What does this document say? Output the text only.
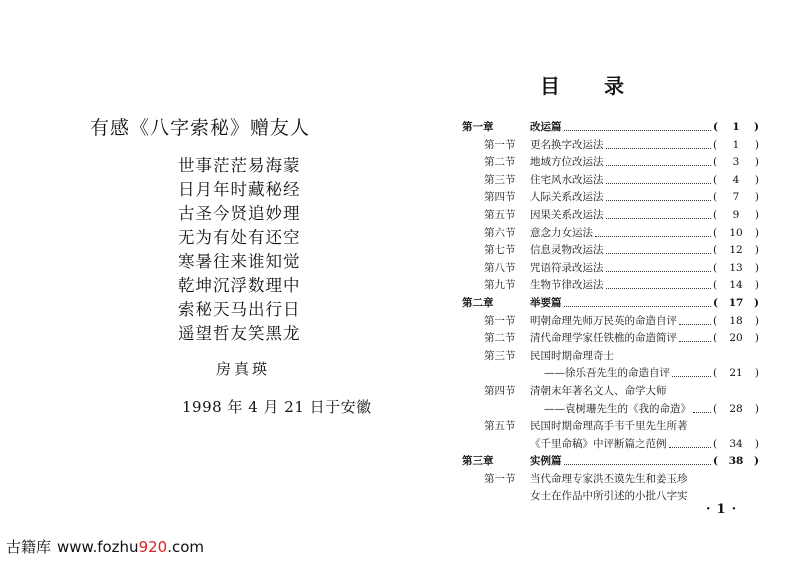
有感《八字索秘》赠友人
世事茫茫易海蒙
日月年时藏秘经
古圣今贤追妙理
无为有处有还空
寒暑往来谁知觉
乾坤沉浮数理中
索秘天马出行日
遥望哲友笑黑龙
房真瑛
1998 年 4 月 21 日于安徽
古籍库 www.fozhu920.com
目录
第一章	改运篇	( 1 )
第一节 更名换字改运法	( 1 )
第二节 地域方位改运法	( 3 )
第三节 住宅风水改运法	( 4 )
第四节 人际关系改运法	( 7 )
第五节 因果关系改运法	( 9 )
第六节 意念力女运法	( 10 )
第七节 信息灵物改运法	( 12 )
第八节 咒语符录改运法	( 13 )
第九节 生物节律改运法	( 14 )
第二章	举要篇	( 17 )
第一节 明朝命理先师万民英的命造自评	( 18 )
第二节 清代命理学家任铁樵的命造简评	( 20 )
第三节 民国时期命理奇士
——徐乐吾先生的命造自评	( 21 )
第四节 清朝末年著名文人、命学大师
——袁树珊先生的《我的命造》	( 28 )
第五节 民国时期命理高手韦千里先生所著
《千里命稿》中评断篇之范例	( 34 )
第三章	实例篇	( 38 )
第一节 当代命理专家洪丕谟先生和姜玉珍
女士在作品中所引述的小批八字实
·1·
